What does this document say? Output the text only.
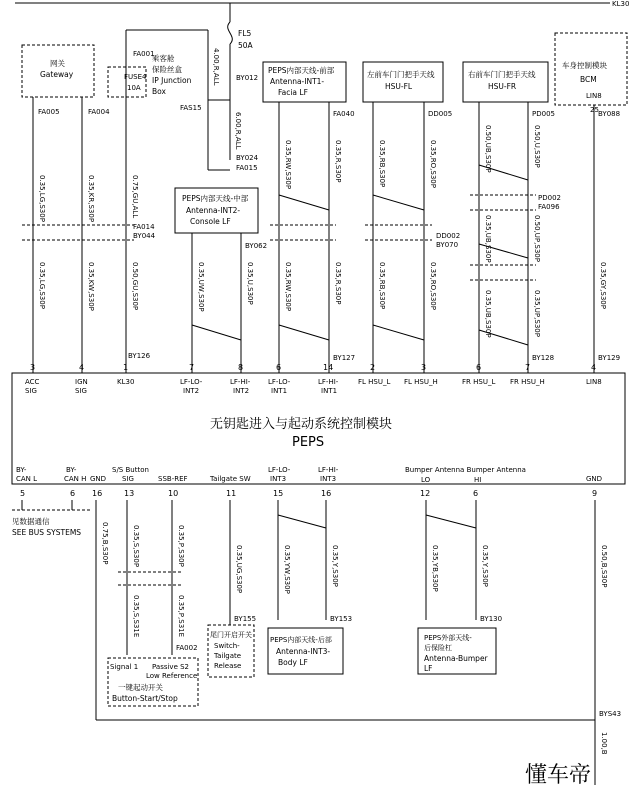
KL30
FL5
50A
BY012
网关
Gateway	FUSE4
10A
乘客舱
保险丝盒
IP Junction
Box
无钥匙进入与起动系统控制模块
PEPS
车身控制模块
BCM
PEPS内部天线-前部
Antenna-INT1-
Facia LF
左前车门门把手天线
HSU-FL
右前车门门把手天线
HSU-FR
PEPS内部天线-中部
Antenna-INT2-
Console LF
见数据通信
SEE BUS SYSTEMS
Signal 1 Passive S2
Low Reference
一键起动开关
Button-Start/Stop
尾门开启开关
Switch-
Tailgate
Release
PEPS内部天线-后部
Antenna-INT3-
Body LF
PEPS外部天线-
后保险杠
Antenna-Bumper
LF
Bumper Antenna Bumper Antenna
FA001
FAS15
FA005	FA004	FA040	DD005	PD005	BY088
BY024
FA015
BY062
FA014
BY044	DD002
BY070
PD002
FA096
BY126	BY127	BY128	BY129
BY155	BY153	BY130
FA002
BYS43
25
LIN8
0.35,LG,S30P	0.35,KR,S30P	0.75,GU,ALL
4.00,R,ALL
6.00,R,ALL
0.35,RW,S30P	0.35,R,S30P	0.35,RB,S30P	0.35,RO,S30P	0.50,UB,S30P	0.50,U,S30P
0.35,LG,S30P	0.35,KW,S30P	0.50,GU,S30P	0.35,UW,S30P	0.35,U,S30P	0.35,RW,S30P	0.35,R,S30P	0.35,RB,S30P	0.35,RO,S30P
0.35,UB,S30P	0.50,UP,S30P
0.35,UB,S30P	0.35,UP,S30P
0.35,GY,S30P
0.75,B,S30P	0.35,S,S30P	0.35,P,S30P
0.35,S,S31E	0.35,P,S31E
0.35,UG,S30P	0.35,YW,S30P	0.35,Y,S30P	0.35,YB,S30P	0.35,Y,S30P	0.50,B,S30P
1.00,B
3
ACC
SIG
4
IGN
SIG
1
KL30
7
LF-LO-
INT2
8
LF-HI-
INT2
6
LF-LO-
INT1
14
LF-HI-
INT1
2
FL HSU_L
3
FL HSU_H
6
FR HSU_L
7
FR HSU_H
4
LIN8
BY-
CAN L
5
BY-
CAN H
6
GND
16
S/S Button
SIG
13
SSB-REF
10
Tailgate SW
11
LF-LO-
INT3
15
LF-HI-
INT3
16
LO
12
HI
6
GND
9
懂车帝
